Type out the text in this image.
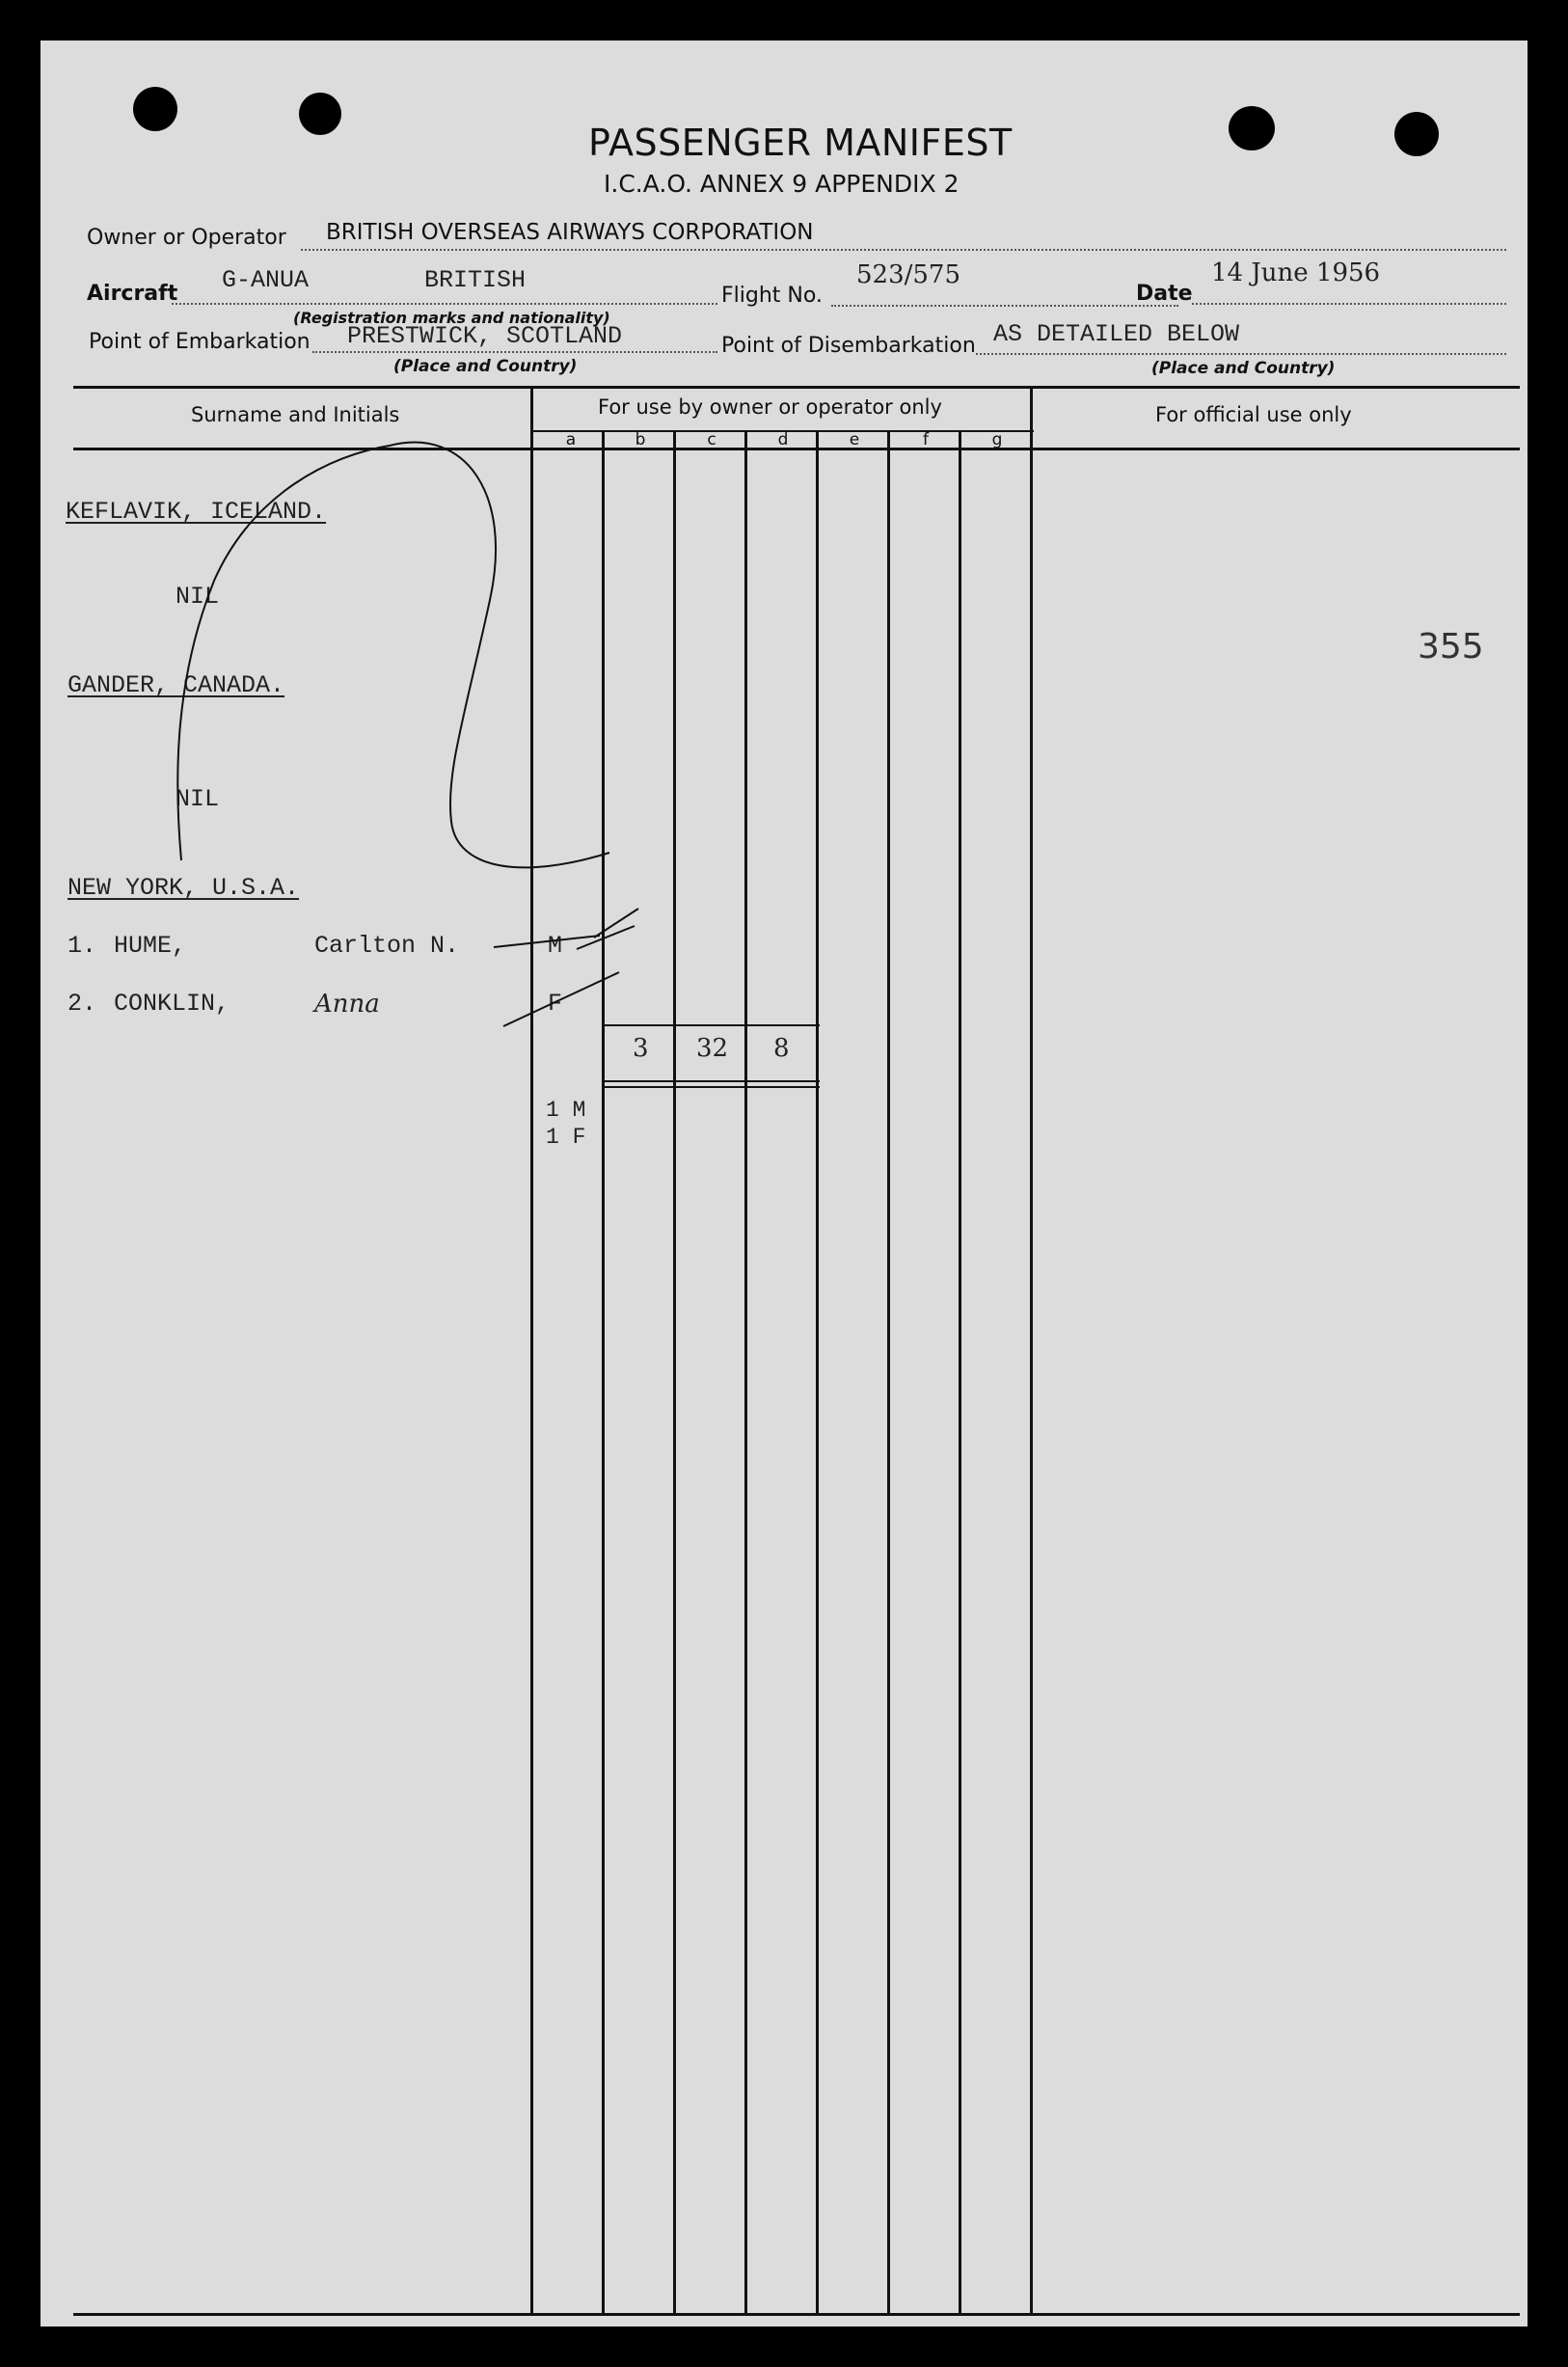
PASSENGER MANIFEST
I.C.A.O. ANNEX 9 APPENDIX 2
Owner or Operator BRITISH OVERSEAS AIRWAYS CORPORATION
Aircraft G-ANUA	BRITISH
(Registration marks and nationality)
Flight No.
523/575
Date
14 June 1956
Point of Embarkation PRESTWICK, SCOTLAND
(Place and Country)
Point of Disembarkation AS DETAILED BELOW
(Place and Country)
Surname and Initials	For use by owner or operator only	For official use only
a	b	c	d	e	f	g
KEFLAVIK, ICELAND.
NIL
GANDER, CANADA.
NIL
NEW YORK, U.S.A.
1. HUME,	Carlton N.	M
2. CONKLIN,	Anna	F
3 32 8
1 M
1 F
355
